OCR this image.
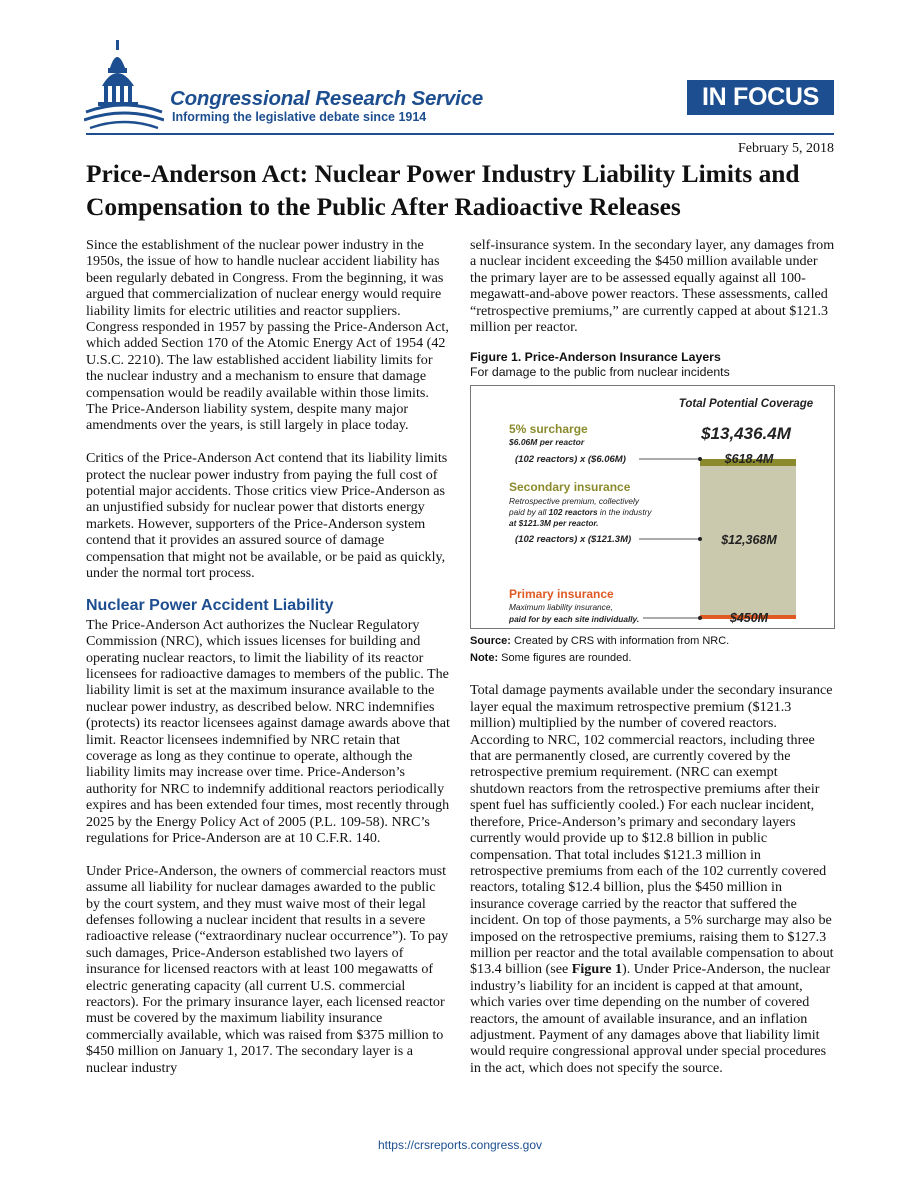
Congressional Research Service
Informing the legislative debate since 1914
IN FOCUS
February 5, 2018
Price-Anderson Act: Nuclear Power Industry Liability Limits and Compensation to the Public After Radioactive Releases

Since the establishment of the nuclear power industry in the 1950s, the issue of how to handle nuclear accident liability has been regularly debated in Congress. From the beginning, it was argued that commercialization of nuclear energy would require liability limits for electric utilities and reactor suppliers. Congress responded in 1957 by passing the Price-Anderson Act, which added Section 170 of the Atomic Energy Act of 1954 (42 U.S.C. 2210). The law established accident liability limits for the nuclear industry and a mechanism to ensure that damage compensation would be readily available within those limits. The Price-Anderson liability system, despite many major amendments over the years, is still largely in place today.

Critics of the Price-Anderson Act contend that its liability limits protect the nuclear power industry from paying the full cost of potential major accidents. Those critics view Price-Anderson as an unjustified subsidy for nuclear power that distorts energy markets. However, supporters of the Price-Anderson system contend that it provides an assured source of damage compensation that might not be available, or be paid as quickly, under the normal tort process.

Nuclear Power Accident Liability

The Price-Anderson Act authorizes the Nuclear Regulatory Commission (NRC), which issues licenses for building and operating nuclear reactors, to limit the liability of its reactor licensees for radioactive damages to members of the public. The liability limit is set at the maximum insurance available to the nuclear power industry, as described below. NRC indemnifies (protects) its reactor licensees against damage awards above that limit. Reactor licensees indemnified by NRC retain that coverage as long as they continue to operate, although the liability limits may increase over time. Price-Anderson’s authority for NRC to indemnify additional reactors periodically expires and has been extended four times, most recently through 2025 by the Energy Policy Act of 2005 (P.L. 109-58). NRC’s regulations for Price-Anderson are at 10 C.F.R. 140.

Under Price-Anderson, the owners of commercial reactors must assume all liability for nuclear damages awarded to the public by the court system, and they must waive most of their legal defenses following a nuclear incident that results in a severe radioactive release (“extraordinary nuclear occurrence”). To pay such damages, Price-Anderson established two layers of insurance for licensed reactors with at least 100 megawatts of electric generating capacity (all current U.S. commercial reactors). For the primary insurance layer, each licensed reactor must be covered by the maximum liability insurance commercially available, which was raised from $375 million to $450 million on January 1, 2017. The secondary layer is a nuclear industry

self-insurance system. In the secondary layer, any damages from a nuclear incident exceeding the $450 million available under the primary layer are to be assessed equally against all 100-megawatt-and-above power reactors. These assessments, called “retrospective premiums,” are currently capped at about $121.3 million per reactor.

Figure 1. Price-Anderson Insurance Layers
For damage to the public from nuclear incidents
Total Potential Coverage
$13,436.4M
5% surcharge
$6.06M per reactor
(102 reactors) x ($6.06M)	$618.4M
Secondary insurance
Retrospective premium, collectively
paid by all 102 reactors in the industry
at $121.3M per reactor.
(102 reactors) x ($121.3M)	$12,368M
Primary insurance
Maximum liability insurance,
paid for by each site individually.	$450M
Source: Created by CRS with information from NRC.
Note: Some figures are rounded.

Total damage payments available under the secondary insurance layer equal the maximum retrospective premium ($121.3 million) multiplied by the number of covered reactors. According to NRC, 102 commercial reactors, including three that are permanently closed, are currently covered by the retrospective premium requirement. (NRC can exempt shutdown reactors from the retrospective premiums after their spent fuel has sufficiently cooled.) For each nuclear incident, therefore, Price-Anderson’s primary and secondary layers currently would provide up to $12.8 billion in public compensation. That total includes $121.3 million in retrospective premiums from each of the 102 currently covered reactors, totaling $12.4 billion, plus the $450 million in insurance coverage carried by the reactor that suffered the incident. On top of those payments, a 5% surcharge may also be imposed on the retrospective premiums, raising them to $127.3 million per reactor and the total available compensation to about $13.4 billion (see Figure 1). Under Price-Anderson, the nuclear industry’s liability for an incident is capped at that amount, which varies over time depending on the number of covered reactors, the amount of available insurance, and an inflation adjustment. Payment of any damages above that liability limit would require congressional approval under special procedures in the act, which does not specify the source.

https://crsreports.congress.gov
